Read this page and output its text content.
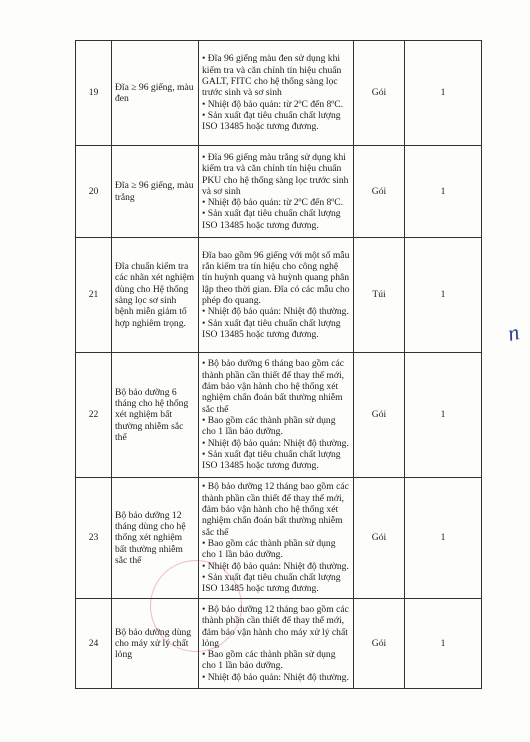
19	Đĩa ≥ 96 giếng, màu đen	• Đĩa 96 giếng màu đen sử dụng khi kiểm tra và căn chỉnh tín hiệu chuẩn GALT, FITC cho hệ thống sàng lọc trước sinh và sơ sinh
• Nhiệt độ bảo quản: từ 2ºC đến 8ºC.
• Sản xuất đạt tiêu chuẩn chất lượng ISO 13485 hoặc tương đương.	Gói	1
20	Đĩa ≥ 96 giếng, màu trắng	• Đĩa 96 giếng màu trắng sử dụng khi kiểm tra và căn chỉnh tín hiệu chuẩn PKU cho hệ thống sàng lọc trước sinh và sơ sinh
• Nhiệt độ bảo quản: từ 2ºC đến 8ºC.
• Sản xuất đạt tiêu chuẩn chất lượng ISO 13485 hoặc tương đương.	Gói	1
21	Đĩa chuẩn kiểm tra các nhãn xét nghiệm dùng cho Hệ thống sàng lọc sơ sinh bệnh miễn giảm tổ hợp nghiêm trọng.	Đĩa bao gồm 96 giếng với một số mẫu rắn kiểm tra tín hiệu cho công nghệ tín huỳnh quang và huỳnh quang phân lập theo thời gian. Đĩa có các mẫu cho phép đo quang.
• Nhiệt độ bảo quản: Nhiệt độ thường.
• Sản xuất đạt tiêu chuẩn chất lượng ISO 13485 hoặc tương đương.	Túi	1
22	Bộ bảo dưỡng 6 tháng cho hệ thống xét nghiệm bất thường nhiễm sắc thể	• Bộ bảo dưỡng 6 tháng bao gồm các thành phần cần thiết để thay thế mới, đảm bảo vận hành cho hệ thống xét nghiệm chẩn đoán bất thường nhiễm sắc thể
• Bao gồm các thành phần sử dụng cho 1 lần bảo dưỡng.
• Nhiệt độ bảo quản: Nhiệt độ thường.
• Sản xuất đạt tiêu chuẩn chất lượng ISO 13485 hoặc tương đương.	Gói	1
23	Bộ bảo dưỡng 12 tháng dùng cho hệ thống xét nghiệm bất thường nhiễm sắc thể	• Bộ bảo dưỡng 12 tháng bao gồm các thành phần cần thiết để thay thế mới, đảm bảo vận hành cho hệ thống xét nghiệm chẩn đoán bất thường nhiễm sắc thể
• Bao gồm các thành phần sử dụng cho 1 lần bảo dưỡng.
• Nhiệt độ bảo quản: Nhiệt độ thường.
• Sản xuất đạt tiêu chuẩn chất lượng ISO 13485 hoặc tương đương.	Gói	1
24	Bộ bảo dưỡng dùng cho máy xử lý chất lỏng	• Bộ bảo dưỡng 12 tháng bao gồm các thành phần cần thiết để thay thế mới, đảm bảo vận hành cho máy xử lý chất lỏng
• Bao gồm các thành phần sử dụng cho 1 lần bảo dưỡng.
• Nhiệt độ bảo quản: Nhiệt độ thường.	Gói	1
n
